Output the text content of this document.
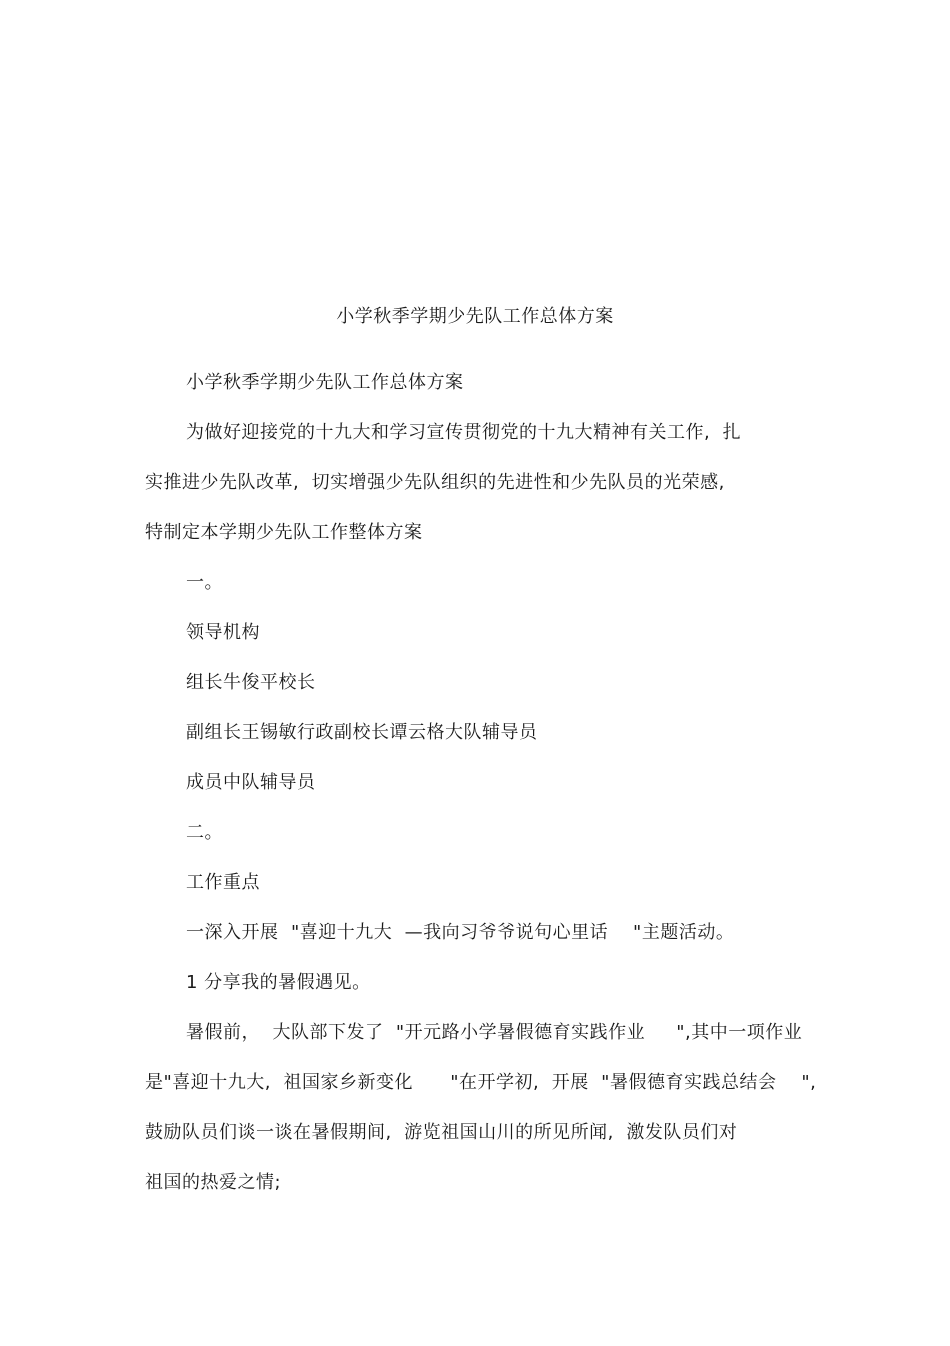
小学秋季学期少先队工作总体方案
小学秋季学期少先队工作总体方案
为做好迎接党的十九大和学习宣传贯彻党的十九大精神有关工作,  扎
实推进少先队改革,  切实增强少先队组织的先进性和少先队员的光荣感,
特制定本学期少先队工作整体方案
一。
领导机构
组长牛俊平校长
副组长王锡敏行政副校长谭云格大队辅导员
成员中队辅导员
二。
工作重点
一深入开展  "喜迎十九大  —我向习爷爷说句心里话    "主题活动。
1 分享我的暑假遇见。
暑假前，  大队部下发了  "开元路小学暑假德育实践作业     ",其中一项作业
是"喜迎十九大,  祖国家乡新变化      "在开学初,  开展  "暑假德育实践总结会    ",
鼓励队员们谈一谈在暑假期间,  游览祖国山川的所见所闻,  激发队员们对
祖国的热爱之情;
